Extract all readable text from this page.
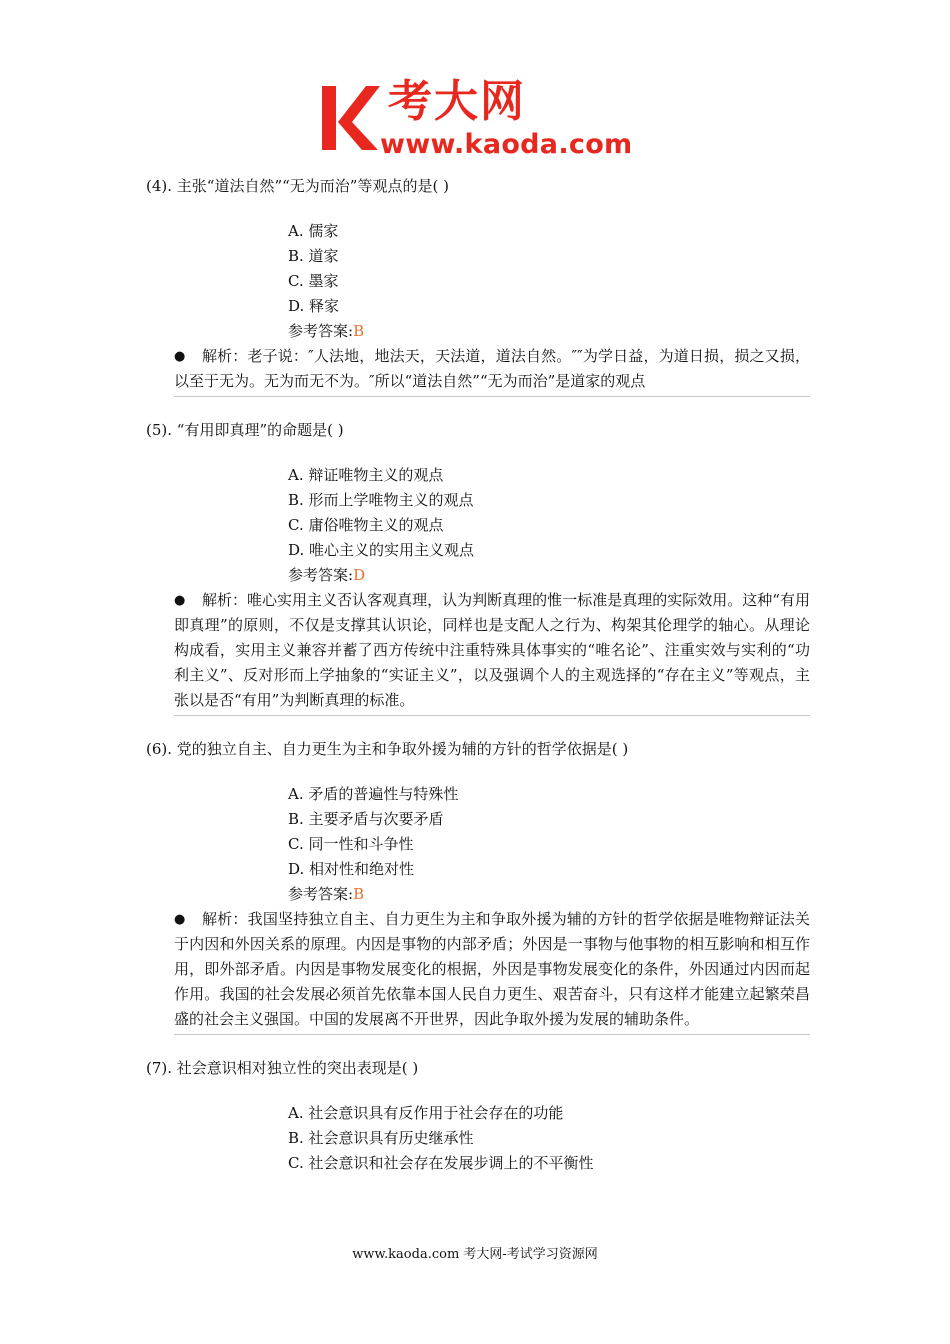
考大网
www.kaoda.com

(4). 主张“道法自然”“无为而治”等观点的是( )

A. 儒家
B. 道家
C. 墨家
D. 释家
参考答案:B
●	解析：老子说：″人法地，地法天，天法道，道法自然。″″为学日益，为道日损，损之又损，以至于无为。无为而无不为。″所以“道法自然”“无为而治”是道家的观点

(5). “有用即真理”的命题是( )

A. 辩证唯物主义的观点
B. 形而上学唯物主义的观点
C. 庸俗唯物主义的观点
D. 唯心主义的实用主义观点
参考答案:D
●	解析：唯心实用主义否认客观真理，认为判断真理的惟一标准是真理的实际效用。这种“有用即真理”的原则，不仅是支撑其认识论，同样也是支配人之行为、构架其伦理学的轴心。从理论构成看，实用主义兼容并蓄了西方传统中注重特殊具体事实的“唯名论”、注重实效与实利的“功利主义”、反对形而上学抽象的“实证主义”，以及强调个人的主观选择的“存在主义”等观点，主张以是否“有用”为判断真理的标准。

(6). 党的独立自主、自力更生为主和争取外援为辅的方针的哲学依据是( )

A. 矛盾的普遍性与特殊性
B. 主要矛盾与次要矛盾
C. 同一性和斗争性
D. 相对性和绝对性
参考答案:B
●	解析：我国坚持独立自主、自力更生为主和争取外援为辅的方针的哲学依据是唯物辩证法关于内因和外因关系的原理。内因是事物的内部矛盾；外因是一事物与他事物的相互影响和相互作用，即外部矛盾。内因是事物发展变化的根据，外因是事物发展变化的条件，外因通过内因而起作用。我国的社会发展必须首先依靠本国人民自力更生、艰苦奋斗，只有这样才能建立起繁荣昌盛的社会主义强国。中国的发展离不开世界，因此争取外援为发展的辅助条件。

(7). 社会意识相对独立性的突出表现是( )

A. 社会意识具有反作用于社会存在的功能
B. 社会意识具有历史继承性
C. 社会意识和社会存在发展步调上的不平衡性
www.kaoda.com 考大网-考试学习资源网
